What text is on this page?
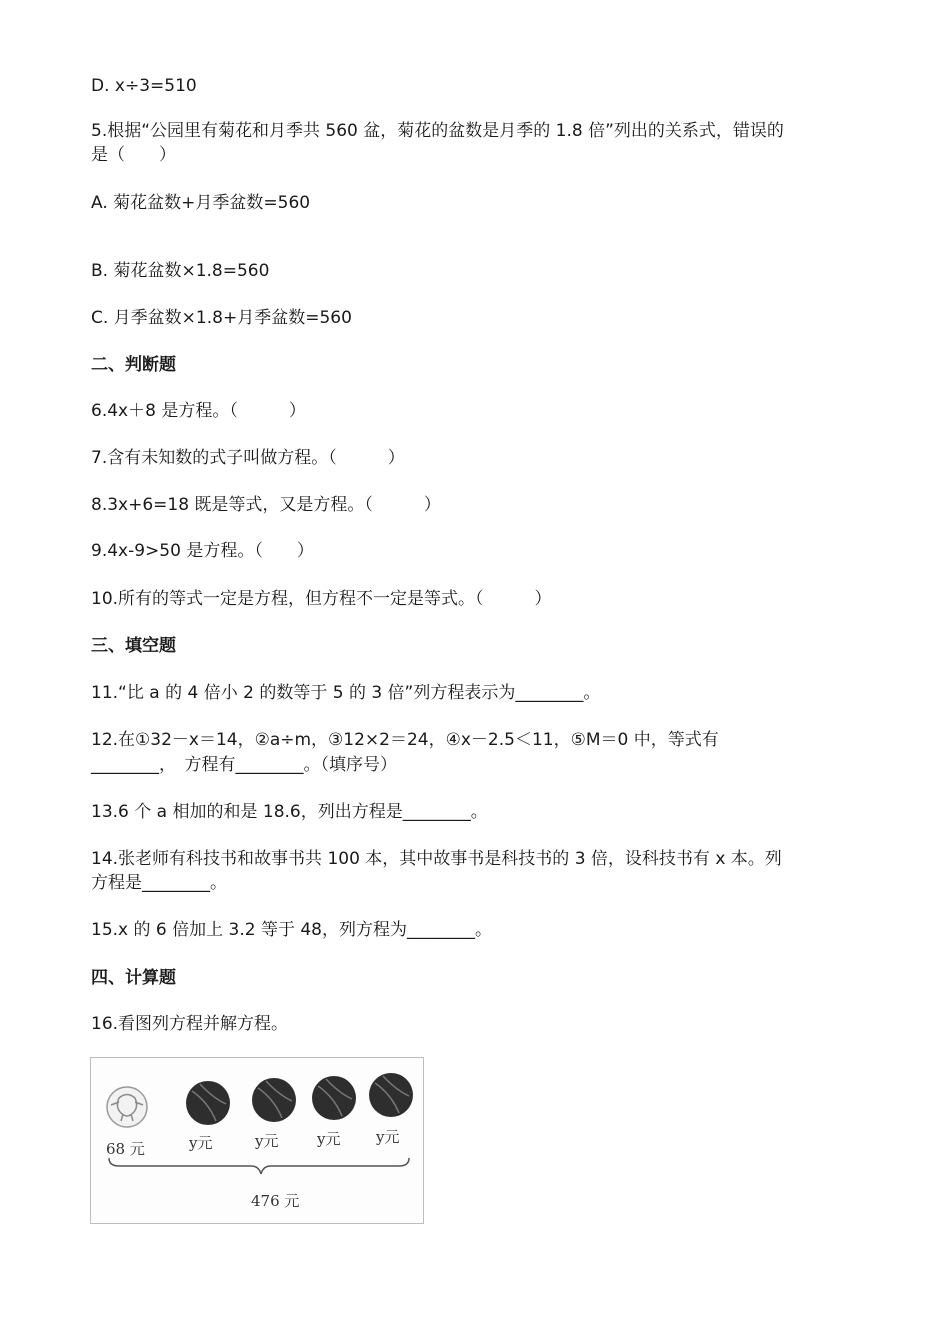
D. x÷3=510
5.根据“公园里有菊花和月季共 560 盆，菊花的盆数是月季的 1.8 倍”列出的关系式，错误的
是（　　）
A. 菊花盆数+月季盆数=560
B. 菊花盆数×1.8=560
C. 月季盆数×1.8+月季盆数=560
二、判断题
6.4x＋8 是方程。（　　　）
7.含有未知数的式子叫做方程。（　　　）
8.3x+6=18 既是等式，又是方程。（　　　）
9.4x-9>50 是方程。（　　）
10.所有的等式一定是方程，但方程不一定是等式。（　　　）
三、填空题
11.“比 a 的 4 倍小 2 的数等于 5 的 3 倍”列方程表示为________。
12.在①32－x＝14，②a÷m，③12×2＝24，④x－2.5＜11，⑤M＝0 中，等式有
________，　方程有________。（填序号）
13.6 个 a 相加的和是 18.6，列出方程是________。
14.张老师有科技书和故事书共 100 本，其中故事书是科技书的 3 倍，设科技书有 x 本。列
方程是________。
15.x 的 6 倍加上 3.2 等于 48，列方程为________。
四、计算题
16.看图列方程并解方程。
68 元	y元	y元	y元 y元
476 元
